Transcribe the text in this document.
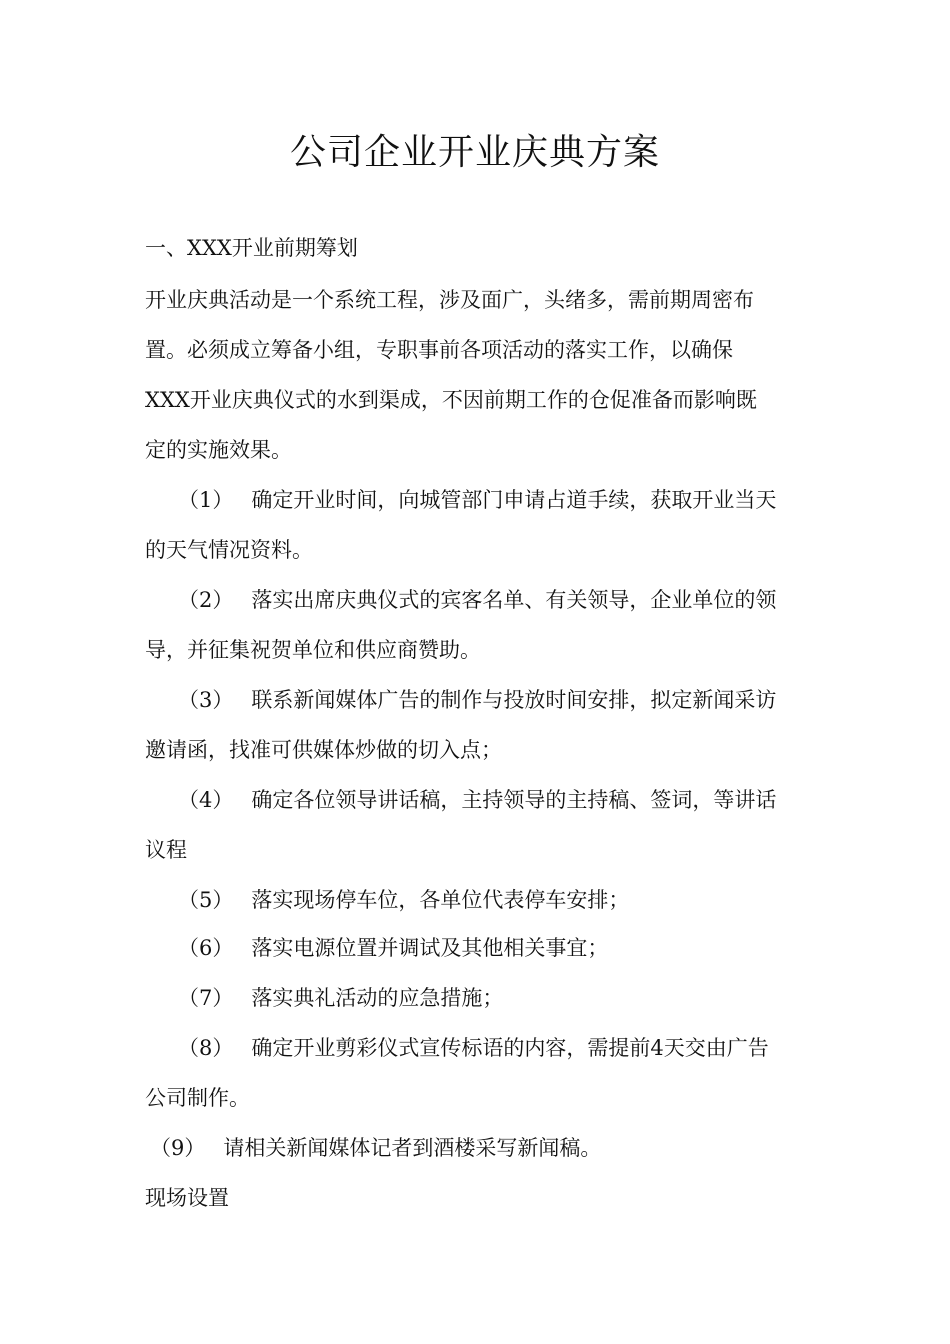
公司企业开业庆典方案

一、XXX开业前期筹划

开业庆典活动是一个系统工程，涉及面广，头绪多，需前期周密布

置。必须成立筹备小组，专职事前各项活动的落实工作，以确保

XXX开业庆典仪式的水到渠成，不因前期工作的仓促准备而影响既

定的实施效果。

（1） 确定开业时间，向城管部门申请占道手续，获取开业当天

的天气情况资料。

（2） 落实出席庆典仪式的宾客名单、有关领导，企业单位的领

导，并征集祝贺单位和供应商赞助。

（3） 联系新闻媒体广告的制作与投放时间安排，拟定新闻采访

邀请函，找准可供媒体炒做的切入点；

（4） 确定各位领导讲话稿，主持领导的主持稿、签词，等讲话

议程

（5） 落实现场停车位，各单位代表停车安排；

（6） 落实电源位置并调试及其他相关事宜；

（7） 落实典礼活动的应急措施；

（8） 确定开业剪彩仪式宣传标语的内容，需提前4天交由广告

公司制作。

（9） 请相关新闻媒体记者到酒楼采写新闻稿。

现场设置
